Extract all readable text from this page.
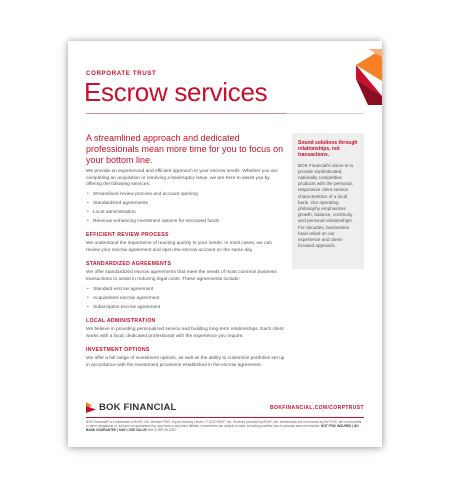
CORPORATE TRUST
Escrow services
A streamlined approach and dedicated professionals mean more time for you to focus on your bottom line.
We provide an experienced and efficient approach to your escrow needs. Whether you are completing an acquisition or resolving a bankruptcy issue, we are here to assist you by offering the following services:
• Streamlined review process and account opening
• Standardized agreements
• Local administration
• Revenue-enhancing investment options for escrowed funds
EFFICIENT REVIEW PROCESS
We understand the importance of reacting quickly to your needs. In most cases, we can review your escrow agreement and open the escrow account on the same day.
STANDARDIZED AGREEMENTS
We offer standardized escrow agreements that meet the needs of most common business transactions to assist in reducing legal costs. These agreements include:
• Standard escrow agreement
• Acquisitions escrow agreement
• Subscription escrow agreement
LOCAL ADMINISTRATION
We believe in providing personalized service and building long-term relationships. Each client works with a local, dedicated professional with the experience you require.
INVESTMENT OPTIONS
We offer a full range of investment options, as well as the ability to customize portfolios set up in accordance with the investment provisions established in the escrow agreement.
Sound solutions through relationships, not transactions.
BOK Financial's vision is to provide sophisticated, nationally competitive products with the personal, responsive client service characteristics of a local bank. Our operating philosophy emphasizes growth, balance, continuity and personal relationships. For decades, businesses have relied on our experience and client-focused approach.
BOK FINANCIAL	BOKFINANCIAL.COM/CORPTRUST
BOK Financial® is a trademark of BOKF, NA. Member FDIC. Equal Housing Lender. © 2022 BOKF, NA. Services provided by BOKF, NA. Investments are not insured by the FDIC, are not deposits or other obligations of, and are not guaranteed by, any bank or any bank affiliate. Investments are subject to risks, including possible loss of principal amount invested. NOT FDIC INSURED | NO BANK GUARANTEE | MAY LOSE VALUE MM-CORP-08-2022
